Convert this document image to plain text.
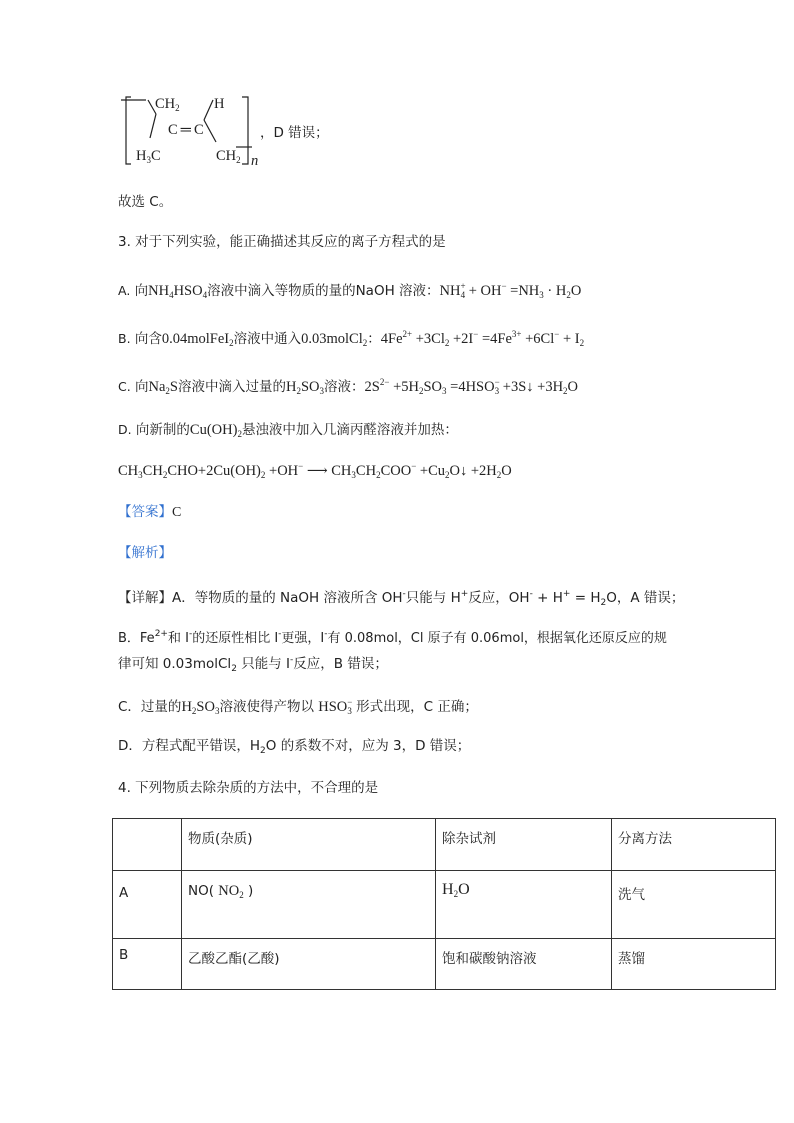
$CH_2$ H
C ═ C
$H_3C$	$CH_2$ n
，D 错误；
故选 C。
3. 对于下列实验，能正确描述其反应的离子方程式的是
A. 向$NH_4HSO_4$溶液中滴入等物质的量的NaOH 溶液：$NH^+_4 + OH^- =NH_3 \cdot H_2O$
B. 向含0.04molFeI$_2$溶液中通入0.03molCl$_2$：$4Fe^{2+} +3Cl_2 +2I^- =4Fe^{3+} +6Cl^- + I_2$
C. 向$Na_2S$溶液中滴入过量的$H_2SO_3$溶液：$2S^{2-} +5H_2SO_3 =4HSO^-_3$ +3S↓ $+3H_2O$
D. 向新制的$Cu(OH)_2$悬浊液中加入几滴丙醛溶液并加热：
$CH_3CH_2CHO+2Cu(OH)_2 +OH^-$ ⟶ $CH_3CH_2COO^-$ $+Cu_2O↓ +2H_2O$
【答案】C
【解析】
【详解】A．等物质的量的 NaOH 溶液所含 OH-只能与 H+反应，$OH^- + H^+ = H_2O$，A 错误；
B．$Fe^{2+}$和 I-的还原性相比 I-更强，I-有 0.08mol，Cl 原子有 0.06mol，根据氧化还原反应的规
律可知 0.03molCl$_2$ 只能与 I-反应，B 错误；
C．过量的$H_2SO_3$溶液使得产物以 $HSO^-_3$ 形式出现，C 正确；
D．方程式配平错误，$H_2O$ 的系数不对，应为 3，D 错误；
4. 下列物质去除杂质的方法中，不合理的是
	物质(杂质)	除杂试剂	分离方法
A	NO( $NO_2$ )	$H_2O$	洗气
B	乙酸乙酯(乙酸)	饱和碳酸钠溶液	蒸馏
